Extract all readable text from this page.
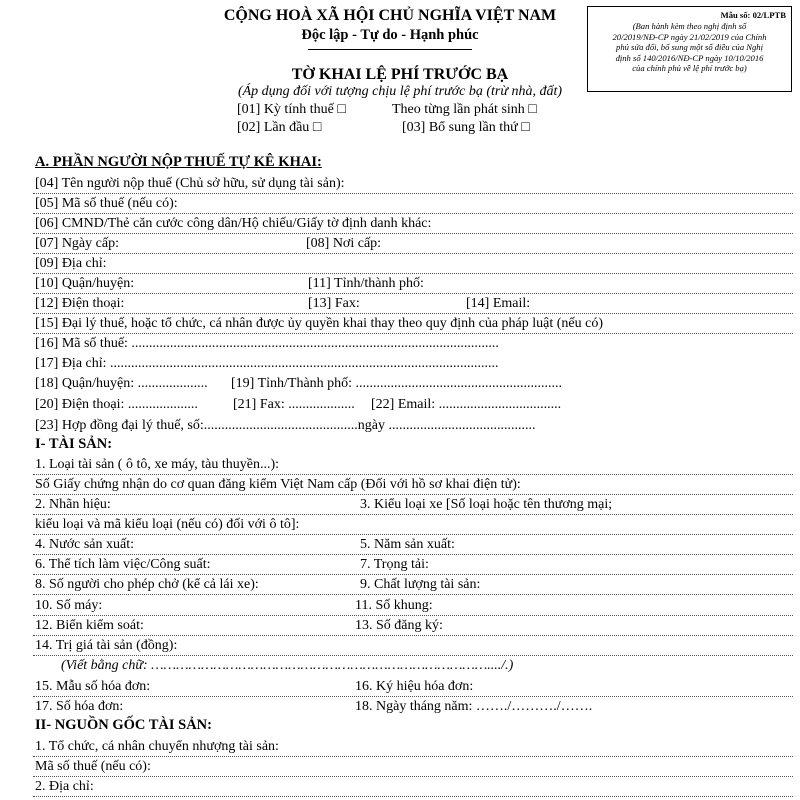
CỘNG HOÀ XÃ HỘI CHỦ NGHĨA VIỆT NAM
Độc lập - Tự do - Hạnh phúc
Mẫu số: 02/LPTB
(Ban hành kèm theo nghị định số
20/2019/NĐ-CP ngày 21/02/2019 của Chính
phủ sửa đổi, bổ sung một số điều của Nghị
định số 140/2016/NĐ-CP ngày 10/10/2016
của chính phủ về lệ phí trước bạ)
TỜ KHAI LỆ PHÍ TRƯỚC BẠ
(Áp dụng đối với tượng chịu lệ phí trước bạ (trừ nhà, đất)
[01] Kỳ tính thuế □	Theo từng lần phát sinh □
[02] Lần đầu □	[03] Bổ sung lần thứ □
A. PHẦN NGƯỜI NỘP THUẾ TỰ KÊ KHAI:
[04] Tên người nộp thuế (Chủ sở hữu, sử dụng tài sản):
[05] Mã số thuế (nếu có):
[06] CMND/Thẻ căn cước công dân/Hộ chiếu/Giấy tờ định danh khác:
[07] Ngày cấp:	[08] Nơi cấp:
[09] Địa chỉ:
[10] Quận/huyện:	[11] Tỉnh/thành phố:
[12] Điện thoại:	[13] Fax:	[14] Email:
[15] Đại lý thuế, hoặc tổ chức, cá nhân được ủy quyền khai thay theo quy định của pháp luật (nếu có)
[16] Mã số thuế: .........................................................................................................
[17] Địa chỉ: ...............................................................................................................
[18] Quận/huyện: .................... [19] Tỉnh/Thành phố: ...........................................................
[20] Điện thoại: ....................	[21] Fax: ................... [22] Email: ...................................
[23] Hợp đồng đại lý thuế, số:............................................ngày ..........................................
I- TÀI SẢN:
1. Loại tài sản ( ô tô, xe máy, tàu thuyền...):
Số Giấy chứng nhận do cơ quan đăng kiểm Việt Nam cấp (Đối với hồ sơ khai điện tử):
2. Nhãn hiệu:	3. Kiểu loại xe [Số loại hoặc tên thương mại;
kiểu loại và mã kiểu loại (nếu có) đối với ô tô]:
4. Nước sản xuất:	5. Năm sản xuất:
6. Thể tích làm việc/Công suất:	7. Trọng tải:
8. Số người cho phép chở (kể cả lái xe):	9. Chất lượng tài sản:
10. Số máy:	11. Số khung:
12. Biển kiểm soát:	13. Số đăng ký:
14. Trị giá tài sản (đồng):
(Viết bằng chữ: ………………………………………………………………………..../.)
15. Mẫu số hóa đơn:	16. Ký hiệu hóa đơn:
17. Số hóa đơn:	18. Ngày tháng năm: ……./………./…….
II- NGUỒN GỐC TÀI SẢN:
1. Tổ chức, cá nhân chuyển nhượng tài sản:
Mã số thuế (nếu có):
2. Địa chỉ:
